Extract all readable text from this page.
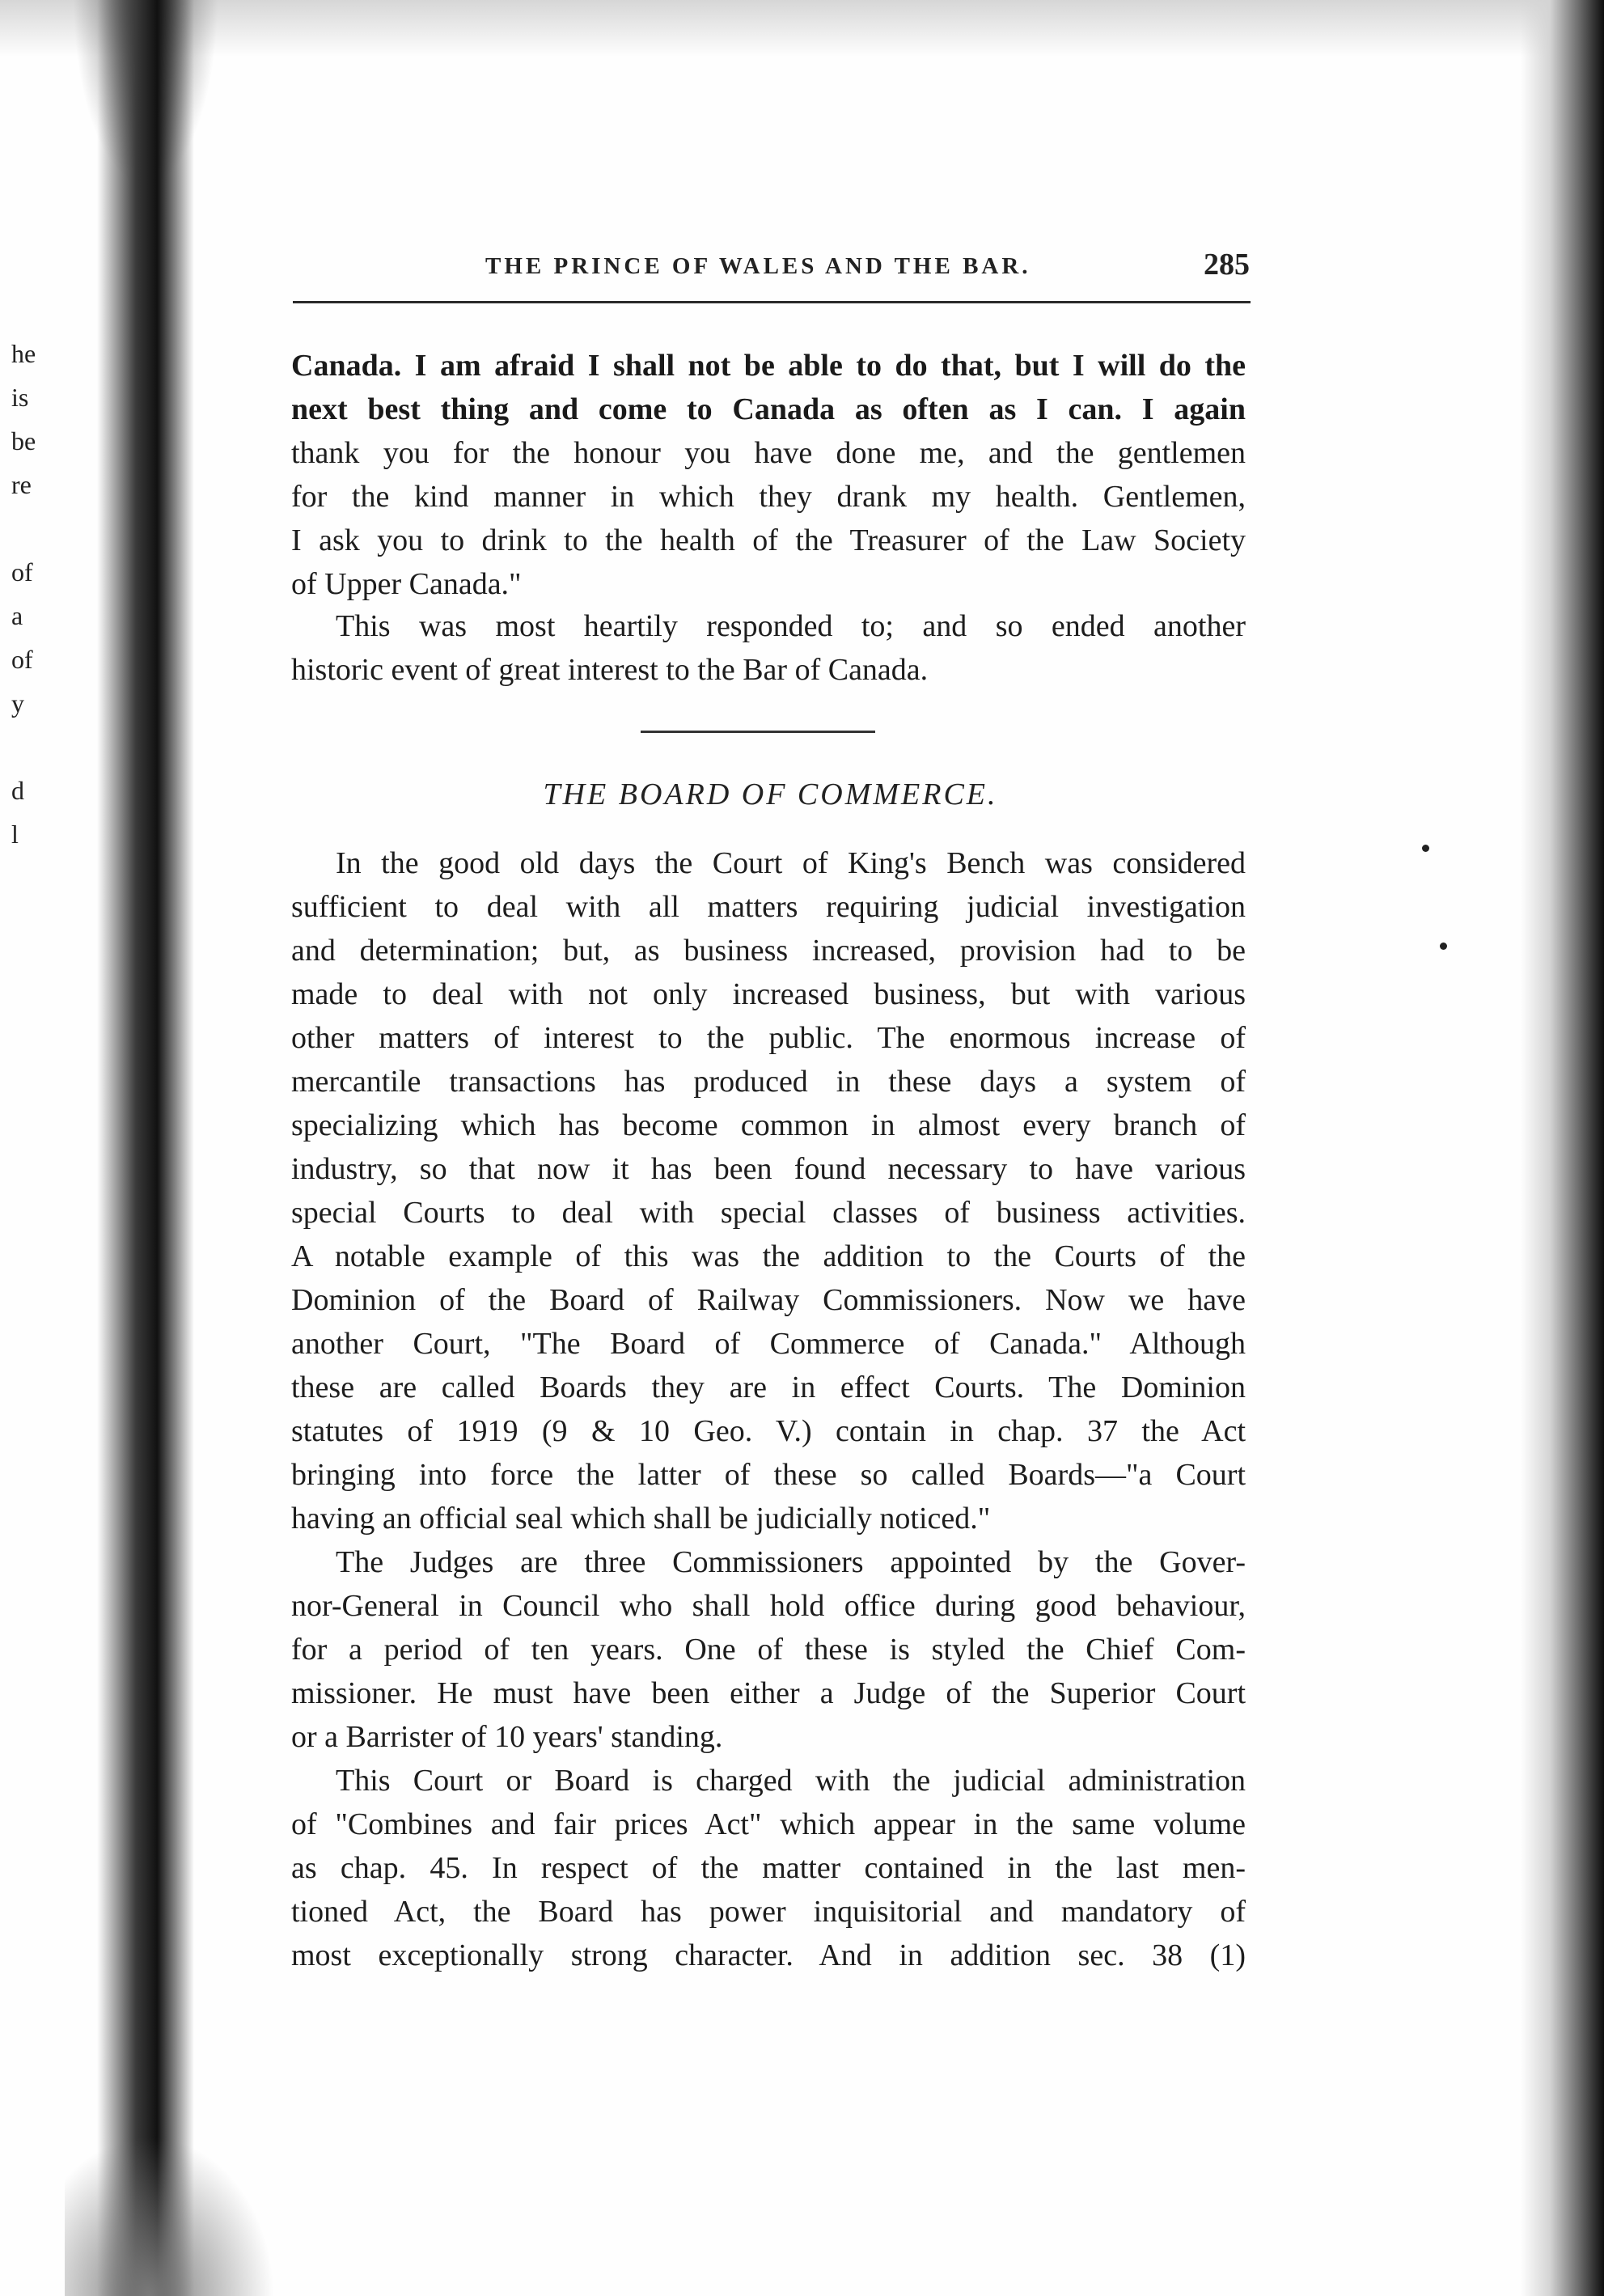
he
is
be
re
of
a
of
y
d
l
THE PRINCE OF WALES AND THE BAR.	285
Canada. I am afraid I shall not be able to do that, but I will do the
next best thing and come to Canada as often as I can. I again
thank you for the honour you have done me, and the gentlemen
for the kind manner in which they drank my health. Gentlemen,
I ask you to drink to the health of the Treasurer of the Law Society
of Upper Canada."
This was most heartily responded to; and so ended another
historic event of great interest to the Bar of Canada.
THE BOARD OF COMMERCE.
In the good old days the Court of King's Bench was considered
sufficient to deal with all matters requiring judicial investigation
and determination; but, as business increased, provision had to be
made to deal with not only increased business, but with various
other matters of interest to the public. The enormous increase of
mercantile transactions has produced in these days a system of
specializing which has become common in almost every branch of
industry, so that now it has been found necessary to have various
special Courts to deal with special classes of business activities.
A notable example of this was the addition to the Courts of the
Dominion of the Board of Railway Commissioners. Now we have
another Court, "The Board of Commerce of Canada." Although
these are called Boards they are in effect Courts. The Dominion
statutes of 1919 (9 & 10 Geo. V.) contain in chap. 37 the Act
bringing into force the latter of these so called Boards—"a Court
having an official seal which shall be judicially noticed."
The Judges are three Commissioners appointed by the Gover-
nor-General in Council who shall hold office during good behaviour,
for a period of ten years. One of these is styled the Chief Com-
missioner. He must have been either a Judge of the Superior Court
or a Barrister of 10 years' standing.
This Court or Board is charged with the judicial administration
of "Combines and fair prices Act" which appear in the same volume
as chap. 45. In respect of the matter contained in the last men-
tioned Act, the Board has power inquisitorial and mandatory of
most exceptionally strong character. And in addition sec. 38 (1)
